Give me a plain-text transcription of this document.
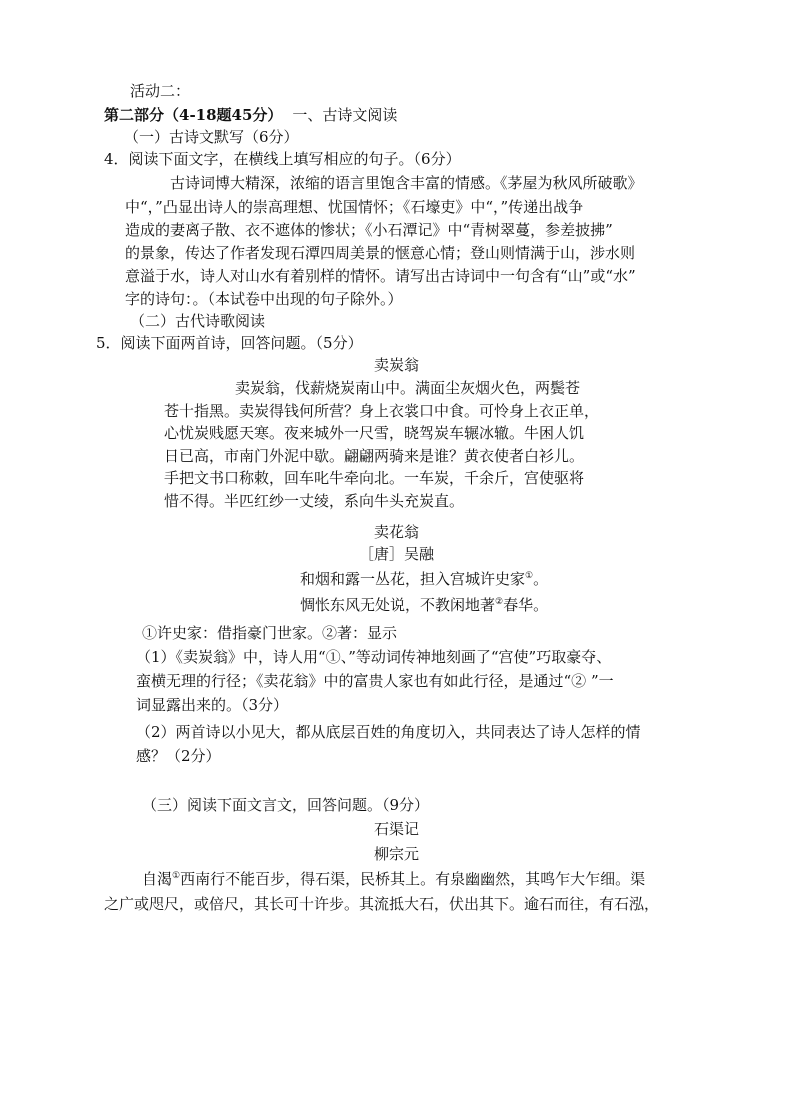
活动二：
第二部分（4-18题45分） 一、古诗文阅读
（一）古诗文默写（6分）
4．阅读下面文字，在横线上填写相应的句子。（6分）
古诗词博大精深，浓缩的语言里饱含丰富的情感。《茅屋为秋风所破歌》
中“，”凸显出诗人的崇高理想、忧国情怀；《石壕吏》中“，”传递出战争
造成的妻离子散、衣不遮体的惨状；《小石潭记》中“青树翠蔓，参差披拂”
的景象，传达了作者发现石潭四周美景的惬意心情；登山则情满于山，涉水则
意溢于水，诗人对山水有着别样的情怀。请写出古诗词中一句含有“山”或“水”
字的诗句：。（本试卷中出现的句子除外。）
（二）古代诗歌阅读
5．阅读下面两首诗，回答问题。（5分）
卖炭翁
卖炭翁，伐薪烧炭南山中。满面尘灰烟火色，两鬓苍
苍十指黑。卖炭得钱何所营？身上衣裳口中食。可怜身上衣正单，
心忧炭贱愿天寒。夜来城外一尺雪，晓驾炭车辗冰辙。牛困人饥
日已高，市南门外泥中歇。翩翩两骑来是谁？黄衣使者白衫儿。
手把文书口称敕，回车叱牛牵向北。一车炭，千余斤，宫使驱将
惜不得。半匹红纱一丈绫，系向牛头充炭直。
卖花翁
［唐］吴融
和烟和露一丛花，担入宫城许史家①。
惆怅东风无处说，不教闲地著②春华。
①许史家：借指豪门世家。②著：显示
（1）《卖炭翁》中，诗人用“①、”等动词传神地刻画了“宫使”巧取豪夺、
蛮横无理的行径；《卖花翁》中的富贵人家也有如此行径，是通过“② ”一
词显露出来的。（3分）
（2）两首诗以小见大，都从底层百姓的角度切入，共同表达了诗人怎样的情
感？（2分）
（三）阅读下面文言文，回答问题。（9分）
石渠记
柳宗元
自渴①西南行不能百步，得石渠，民桥其上。有泉幽幽然，其鸣乍大乍细。渠
之广或咫尺，或倍尺，其长可十许步。其流抵大石，伏出其下。逾石而往，有石泓，
